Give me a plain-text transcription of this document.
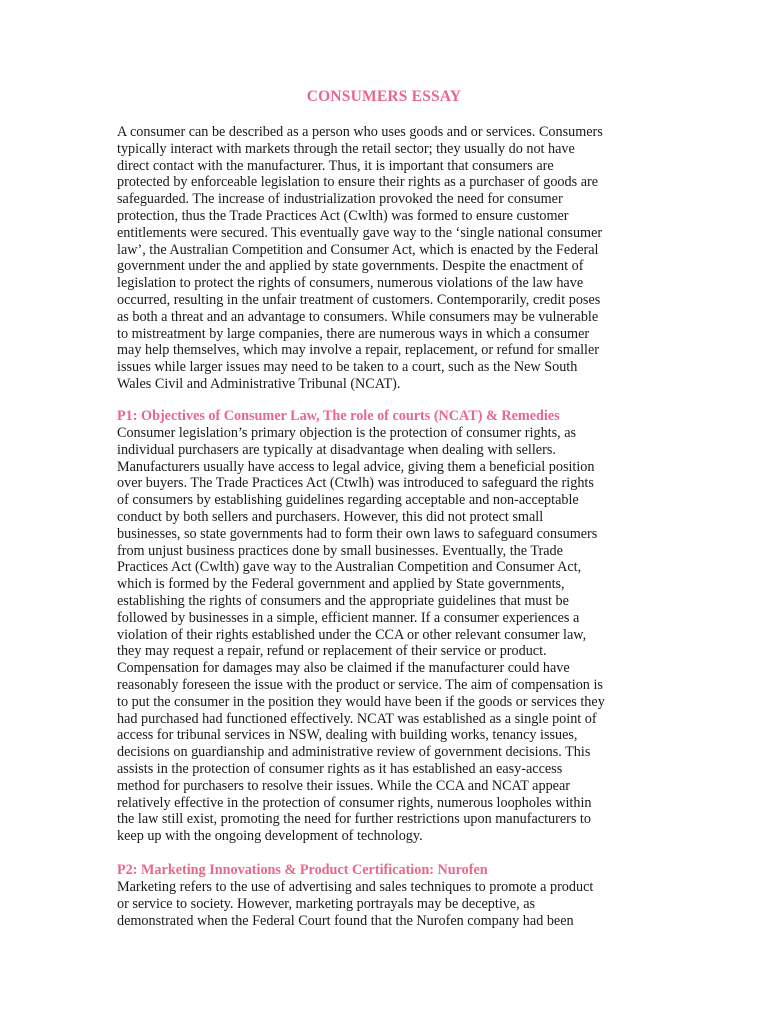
CONSUMERS ESSAY
A consumer can be described as a person who uses goods and or services. Consumers
typically interact with markets through the retail sector; they usually do not have
direct contact with the manufacturer. Thus, it is important that consumers are
protected by enforceable legislation to ensure their rights as a purchaser of goods are
safeguarded. The increase of industrialization provoked the need for consumer
protection, thus the Trade Practices Act (Cwlth) was formed to ensure customer
entitlements were secured. This eventually gave way to the ‘single national consumer
law’, the Australian Competition and Consumer Act, which is enacted by the Federal
government under the and applied by state governments. Despite the enactment of
legislation to protect the rights of consumers, numerous violations of the law have
occurred, resulting in the unfair treatment of customers. Contemporarily, credit poses
as both a threat and an advantage to consumers. While consumers may be vulnerable
to mistreatment by large companies, there are numerous ways in which a consumer
may help themselves, which may involve a repair, replacement, or refund for smaller
issues while larger issues may need to be taken to a court, such as the New South
Wales Civil and Administrative Tribunal (NCAT).
P1: Objectives of Consumer Law, The role of courts (NCAT) & Remedies
Consumer legislation’s primary objection is the protection of consumer rights, as
individual purchasers are typically at disadvantage when dealing with sellers.
Manufacturers usually have access to legal advice, giving them a beneficial position
over buyers. The Trade Practices Act (Ctwlh) was introduced to safeguard the rights
of consumers by establishing guidelines regarding acceptable and non-acceptable
conduct by both sellers and purchasers. However, this did not protect small
businesses, so state governments had to form their own laws to safeguard consumers
from unjust business practices done by small businesses. Eventually, the Trade
Practices Act (Cwlth) gave way to the Australian Competition and Consumer Act,
which is formed by the Federal government and applied by State governments,
establishing the rights of consumers and the appropriate guidelines that must be
followed by businesses in a simple, efficient manner. If a consumer experiences a
violation of their rights established under the CCA or other relevant consumer law,
they may request a repair, refund or replacement of their service or product.
Compensation for damages may also be claimed if the manufacturer could have
reasonably foreseen the issue with the product or service. The aim of compensation is
to put the consumer in the position they would have been if the goods or services they
had purchased had functioned effectively. NCAT was established as a single point of
access for tribunal services in NSW, dealing with building works, tenancy issues,
decisions on guardianship and administrative review of government decisions. This
assists in the protection of consumer rights as it has established an easy-access
method for purchasers to resolve their issues. While the CCA and NCAT appear
relatively effective in the protection of consumer rights, numerous loopholes within
the law still exist, promoting the need for further restrictions upon manufacturers to
keep up with the ongoing development of technology.
P2: Marketing Innovations & Product Certification: Nurofen
Marketing refers to the use of advertising and sales techniques to promote a product
or service to society. However, marketing portrayals may be deceptive, as
demonstrated when the Federal Court found that the Nurofen company had been
